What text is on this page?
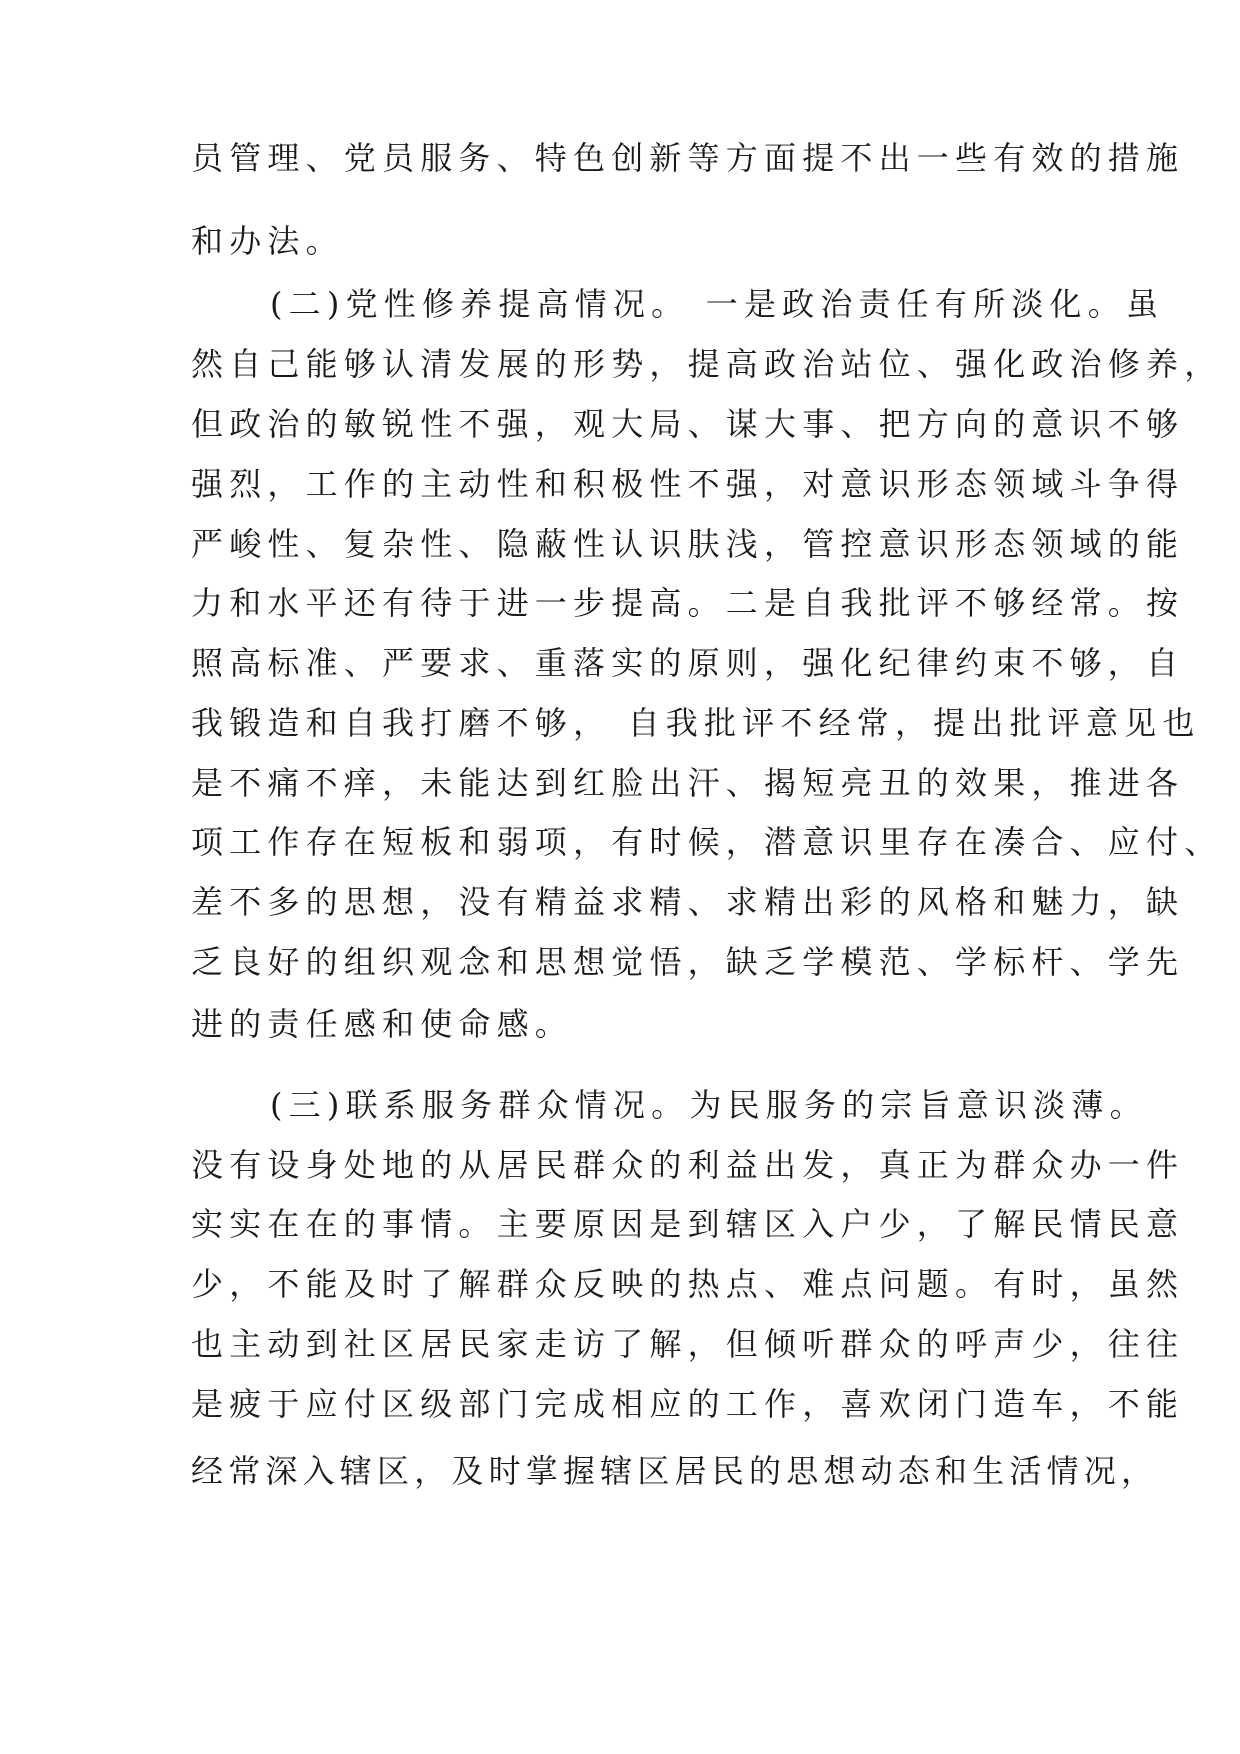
员管理、党员服务、特色创新等方面提不出一些有效的措施
和办法。
(二)党性修养提高情况。 一是政治责任有所淡化。虽
然自己能够认清发展的形势，提高政治站位、强化政治修养，
但政治的敏锐性不强，观大局、谋大事、把方向的意识不够
强烈，工作的主动性和积极性不强，对意识形态领域斗争得
严峻性、复杂性、隐蔽性认识肤浅，管控意识形态领域的能
力和水平还有待于进一步提高。二是自我批评不够经常。按
照高标准、严要求、重落实的原则，强化纪律约束不够，自
我锻造和自我打磨不够， 自我批评不经常，提出批评意见也
是不痛不痒，未能达到红脸出汗、揭短亮丑的效果，推进各
项工作存在短板和弱项，有时候，潜意识里存在凑合、应付、
差不多的思想，没有精益求精、求精出彩的风格和魅力，缺
乏良好的组织观念和思想觉悟，缺乏学模范、学标杆、学先
进的责任感和使命感。
(三)联系服务群众情况。为民服务的宗旨意识淡薄。
没有设身处地的从居民群众的利益出发，真正为群众办一件
实实在在的事情。主要原因是到辖区入户少，了解民情民意
少，不能及时了解群众反映的热点、难点问题。有时，虽然
也主动到社区居民家走访了解，但倾听群众的呼声少，往往
是疲于应付区级部门完成相应的工作，喜欢闭门造车，不能
经常深入辖区，及时掌握辖区居民的思想动态和生活情况，
